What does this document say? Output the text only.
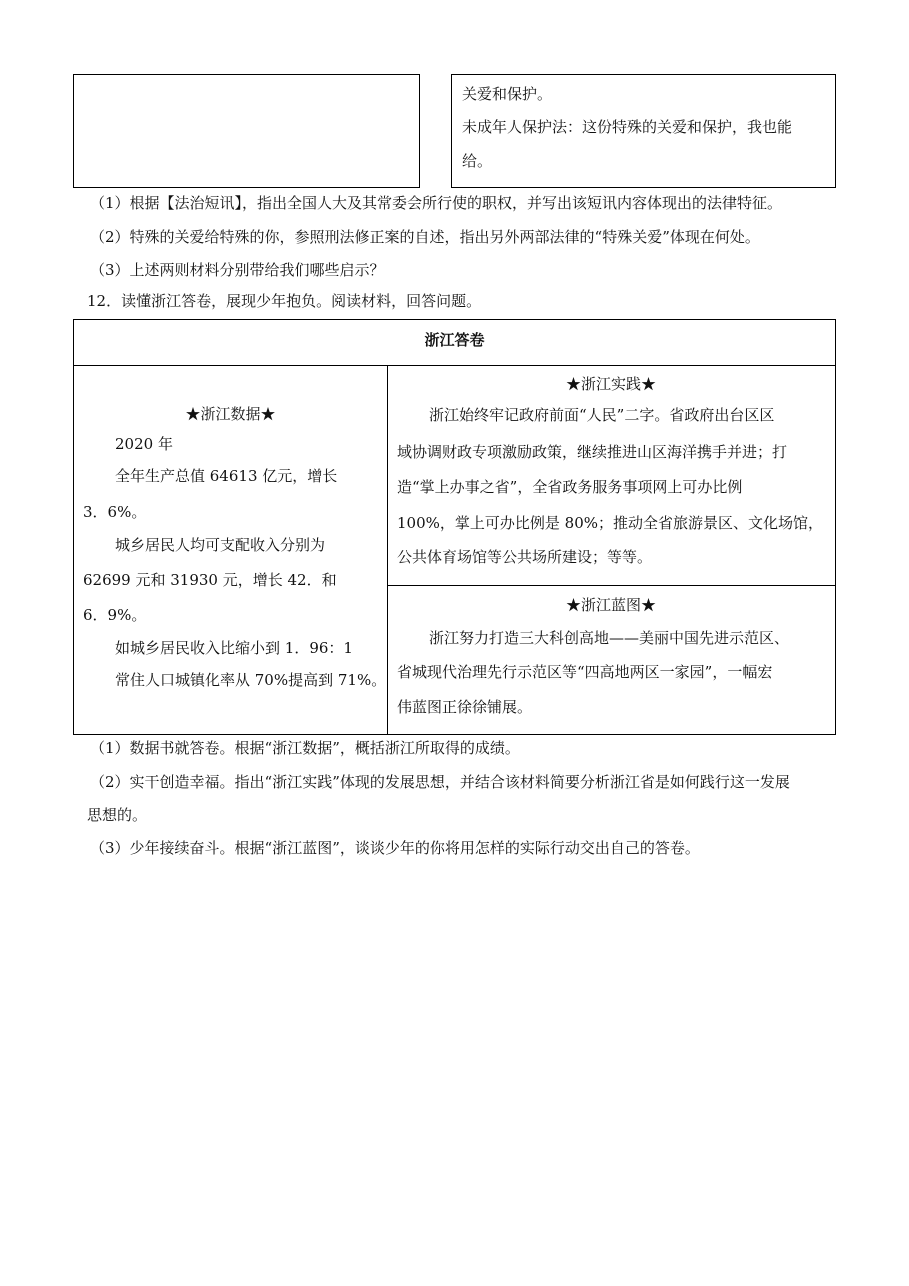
关爱和保护。
未成年人保护法：这份特殊的关爱和保护，我也能
给。
（1）根据【法治短讯】，指出全国人大及其常委会所行使的职权，并写出该短讯内容体现出的法律特征。
（2）特殊的关爱给特殊的你，参照刑法修正案的自述，指出另外两部法律的“特殊关爱”体现在何处。
（3）上述两则材料分别带给我们哪些启示？
12．读懂浙江答卷，展现少年抱负。阅读材料，回答问题。
浙江答卷
★浙江数据★
2020 年
全年生产总值 64613 亿元，增长
3．6%。
城乡居民人均可支配收入分别为
62699 元和 31930 元，增长 42．和
6．9%。
如城乡居民收入比缩小到 1．96：1
常住人口城镇化率从 70%提高到 71%。
★浙江实践★
浙江始终牢记政府前面“人民”二字。省政府出台区区
域协调财政专项激励政策，继续推进山区海洋携手并进；打
造“掌上办事之省”，全省政务服务事项网上可办比例
100%，掌上可办比例是 80%；推动全省旅游景区、文化场馆，
公共体育场馆等公共场所建设；等等。
★浙江蓝图★
浙江努力打造三大科创高地——美丽中国先进示范区、
省城现代治理先行示范区等“四高地两区一家园”，一幅宏
伟蓝图正徐徐铺展。
（1）数据书就答卷。根据“浙江数据”，概括浙江所取得的成绩。
（2）实干创造幸福。指出“浙江实践”体现的发展思想，并结合该材料简要分析浙江省是如何践行这一发展
思想的。
（3）少年接续奋斗。根据“浙江蓝图”，谈谈少年的你将用怎样的实际行动交出自己的答卷。
